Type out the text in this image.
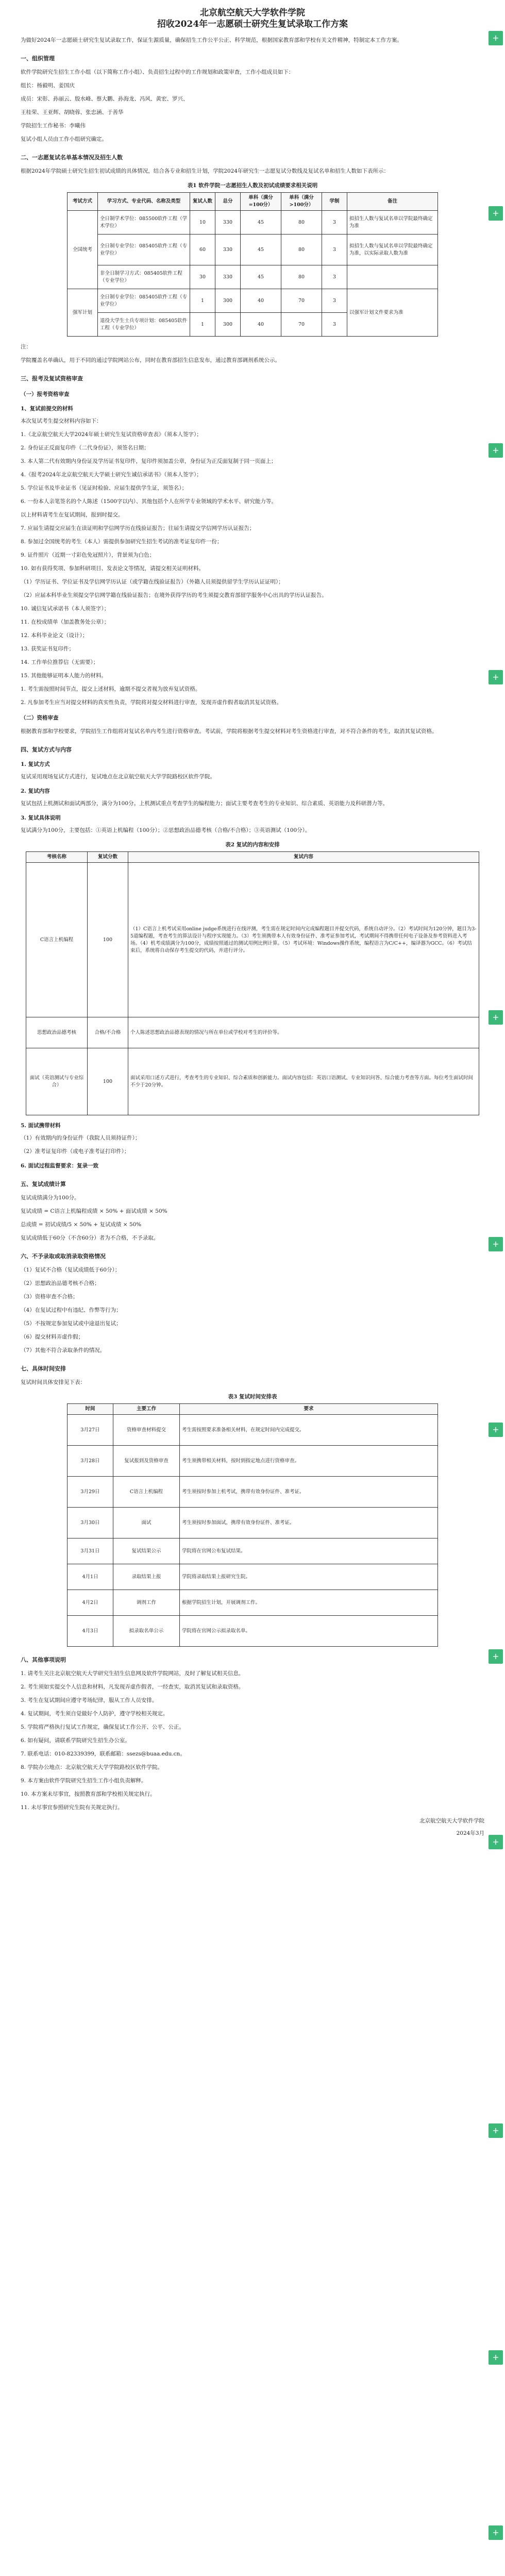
北京航空航天大学软件学院
招收2024年一志愿硕士研究生复试录取工作方案

为做好2024年一志愿硕士研究生复试录取工作，保证生源质量，确保招生工作公平公正、科学规范，根据国家教育部和学校有关文件精神，特制定本工作方案。

一、组织管理

软件学院研究生招生工作小组（以下简称工作小组）、负责招生过程中的工作规划和政策审查，工作小组成员如下：

组长：杨毅明、姜国庆

成员：宋彰、孙丽云、殷水峰、蔡大鹏、孙海龙、冯风、黄宏、罗兴、

王桂荣、王亚辉、胡晓蓉、张忠涵、于善华

学院招生工作秘书：李曦伟

复试小组人员由工作小组研究确定。

二、一志愿复试名单基本情况及招生人数

根据2024年学院硕士研究生招生初试成绩的具体情况，结合各专业和招生计划，学院2024年研究生一志愿复试分数线及复试名单和招生人数如下表所示：

表1 软件学院一志愿招生人数及初试成绩要求相关说明
考试方式	学习方式、专业代码、名称及类型	复试人数	总分	单科（满分=100分）	单科（满分>100分）	学制	备注
全国统考	全日制学术学位：085500软件工程（学术学位）	10	330	45	80	3	拟招生人数与复试名单以学院最终确定为准
	全日制专业学位：085405软件工程（专业学位）	60	330	45	80	3	拟招生人数与复试名单以学院最终确定为准，以实际录取人数为准
	非全日制学习方式：085405软件工程（专业学位）	30	330	45	80	3	
强军计划	全日制专业学位：085405软件工程（专业学位）	1	300	40	70	3	以强军计划文件要求为准
	退役大学生士兵专项计划：085405软件工程（专业学位）	1	300	40	70	3	

注：

学院覆盖名单确认，用于不同的通过学院网站公布，同时在教育部招生信息发布，通过教育部调剂系统公示。

三、报考及复试资格审查
（一）报考资格审查
1、复试前提交的材料

本次复试考生提交材料内容如下：

1.《北京航空航天大学2024年硕士研究生复试资格审查表》（须本人签字）；

2. 身份证正反面复印件（二代身份证），须签名日期；

3. 本人第二代有效期内身份证及学历证书复印件，复印件须加盖公章，身份证为正反面复制于同一页面上；

4.《报考2024年北京航空航天大学硕士研究生诚信承诺书》（须本人签字）；

5. 学位证书及毕业证书（见证时检验、应届生提供学生证，须签名）；

6. 一份本人亲笔签名的个人陈述（1500字以内）、其他包括个人在所学专业领域的学术水平、研究能力等。

以上材料请考生在复试期间，报到时提交。

7. 应届生请提交应届生在读证明和学信网学历在线验证报告；往届生请提交学信网学历认证报告；

8. 参加过全国统考的考生（本人）需提供参加研究生招生考试的准考证复印件一份；

9. 证件照片（近期一寸彩色免冠照片），背景须为白色；

10. 如有获得奖项、参加科研项目、发表论文等情况，请提交相关证明材料。

（1）学历证书、学位证书及学信网学历认证（或学籍在线验证报告）（外籍人员须提供留学生学历认证证明）；

（2）应届本科毕业生须提交学信网学籍在线验证报告；在境外获得学历的考生须提交教育部留学服务中心出具的学历认证报告。

10. 诚信复试承诺书（本人须签字）；

11. 在校成绩单（加盖教务处公章）；

12. 本科毕业论文（设计）；

13. 获奖证书复印件；

14. 工作单位推荐信（无需要）；

15. 其他能够证明本人能力的材料。

1. 考生需按照时间节点，提交上述材料，逾期不提交者视为放弃复试资格。

2. 凡参加考生应当对提交材料的真实性负责，学院将对提交材料进行审查，发现弄虚作假者取消其复试资格。

（二）资格审查

根据教育部和学校要求，学院招生工作组将对复试名单内考生进行资格审查。考试前，学院将根据考生提交材料对考生资格进行审查，对不符合条件的考生，取消其复试资格。

四、复试方式与内容
1. 复试方式

复试采用现场复试方式进行，复试地点在北京航空航天大学学院路校区软件学院。

2. 复试内容

复试包括上机测试和面试两部分，满分为100分。上机测试重点考查学生的编程能力；面试主要考查考生的专业知识、综合素质、英语能力及科研潜力等。

3. 复试具体说明

复试满分为100分，主要包括：①英语上机编程（100分）；②思想政治品德考核（合格/不合格）；③英语测试（100分）。

表2 复试的内容和安排
考核名称	复试分数	复试内容
C语言上机编程	100	（1）C语言上机考试采用online judge系统进行在线评测，考生需在规定时间内完成编程题目并提交代码，系统自动评分。（2）考试时间为120分钟，题目为3-5道编程题，考查考生的算法设计与程序实现能力。（3）考生须携带本人有效身份证件、准考证参加考试，考试期间不得携带任何电子设备及参考资料进入考场。（4）机考成绩满分为100分，成绩按照通过的测试用例比例计算。（5）考试环境：Windows操作系统，编程语言为C/C++，编译器为GCC。（6）考试结束后，系统将自动保存考生提交的代码，并进行评分。
思想政治品德考核	合格/不合格	个人陈述思想政治品德表现的情况与所在单位或学校对考生的评价等。
面试（英语测试与专业综合）	100	面试采用口述方式进行，考查考生的专业知识、综合素质和创新能力。面试内容包括：英语口语测试、专业知识问答、综合能力考查等方面。每位考生面试时间不少于20分钟。
5. 面试携带材料

（1）有效期内的身份证件（我院人员须持证件）；

（2）准考证复印件（或电子准考证打印件）；

6. 面试过程监督要求：复录一致
五、复试成绩计算

复试成绩满分为100分。

复试成绩 = C语言上机编程成绩 × 50% + 面试成绩 × 50%

总成绩 = 初试成绩/5 × 50% + 复试成绩 × 50%

复试成绩低于60分（不含60分）者为不合格，不予录取。

六、不予录取或取消录取资格情况

（1）复试不合格（复试成绩低于60分）；

（2）思想政治品德考核不合格；

（3）资格审查不合格；

（4）在复试过程中有违纪、作弊等行为；

（5）不按规定参加复试或中途退出复试；

（6）提交材料弄虚作假；

（7）其他不符合录取条件的情况。

七、具体时间安排

复试时间具体安排见下表：

表3 复试时间安排表
时间	主要工作	要求
3月27日	资格审查材料提交	考生需按照要求准备相关材料，在规定时间内完成提交。
3月28日	复试报到及资格审查	考生须携带相关材料，按时到指定地点进行资格审查。
3月29日	C语言上机编程	考生须按时参加上机考试，携带有效身份证件、准考证。
3月30日	面试	考生须按时参加面试，携带有效身份证件、准考证。
3月31日	复试结果公示	学院将在官网公布复试结果。
4月1日	录取结果上报	学院将录取结果上报研究生院。
4月2日	调剂工作	根据学院招生计划，开展调剂工作。
4月3日	拟录取名单公示	学院将在官网公示拟录取名单。
八、其他事项说明

1. 请考生关注北京航空航天大学研究生招生信息网及软件学院网站，及时了解复试相关信息。

2. 考生须如实提交个人信息和材料，凡发现弄虚作假者，一经查实，取消其复试和录取资格。

3. 考生在复试期间应遵守考场纪律，服从工作人员安排。

4. 复试期间，考生须自觉做好个人防护，遵守学校相关规定。

5. 学院将严格执行复试工作规定，确保复试工作公开、公平、公正。

6. 如有疑问，请联系学院研究生招生办公室。

7. 联系电话：010-82339399，联系邮箱：ssezs@buaa.edu.cn。

8. 学院办公地点：北京航空航天大学学院路校区软件学院。

9. 本方案由软件学院研究生招生工作小组负责解释。

10. 本方案未尽事宜，按照教育部和学校相关规定执行。

11. 未尽事宜参照研究生院有关规定执行。

北京航空航天大学软件学院
2024年3月
+
+
+
+
+
+
+
+
+
+
+
+
